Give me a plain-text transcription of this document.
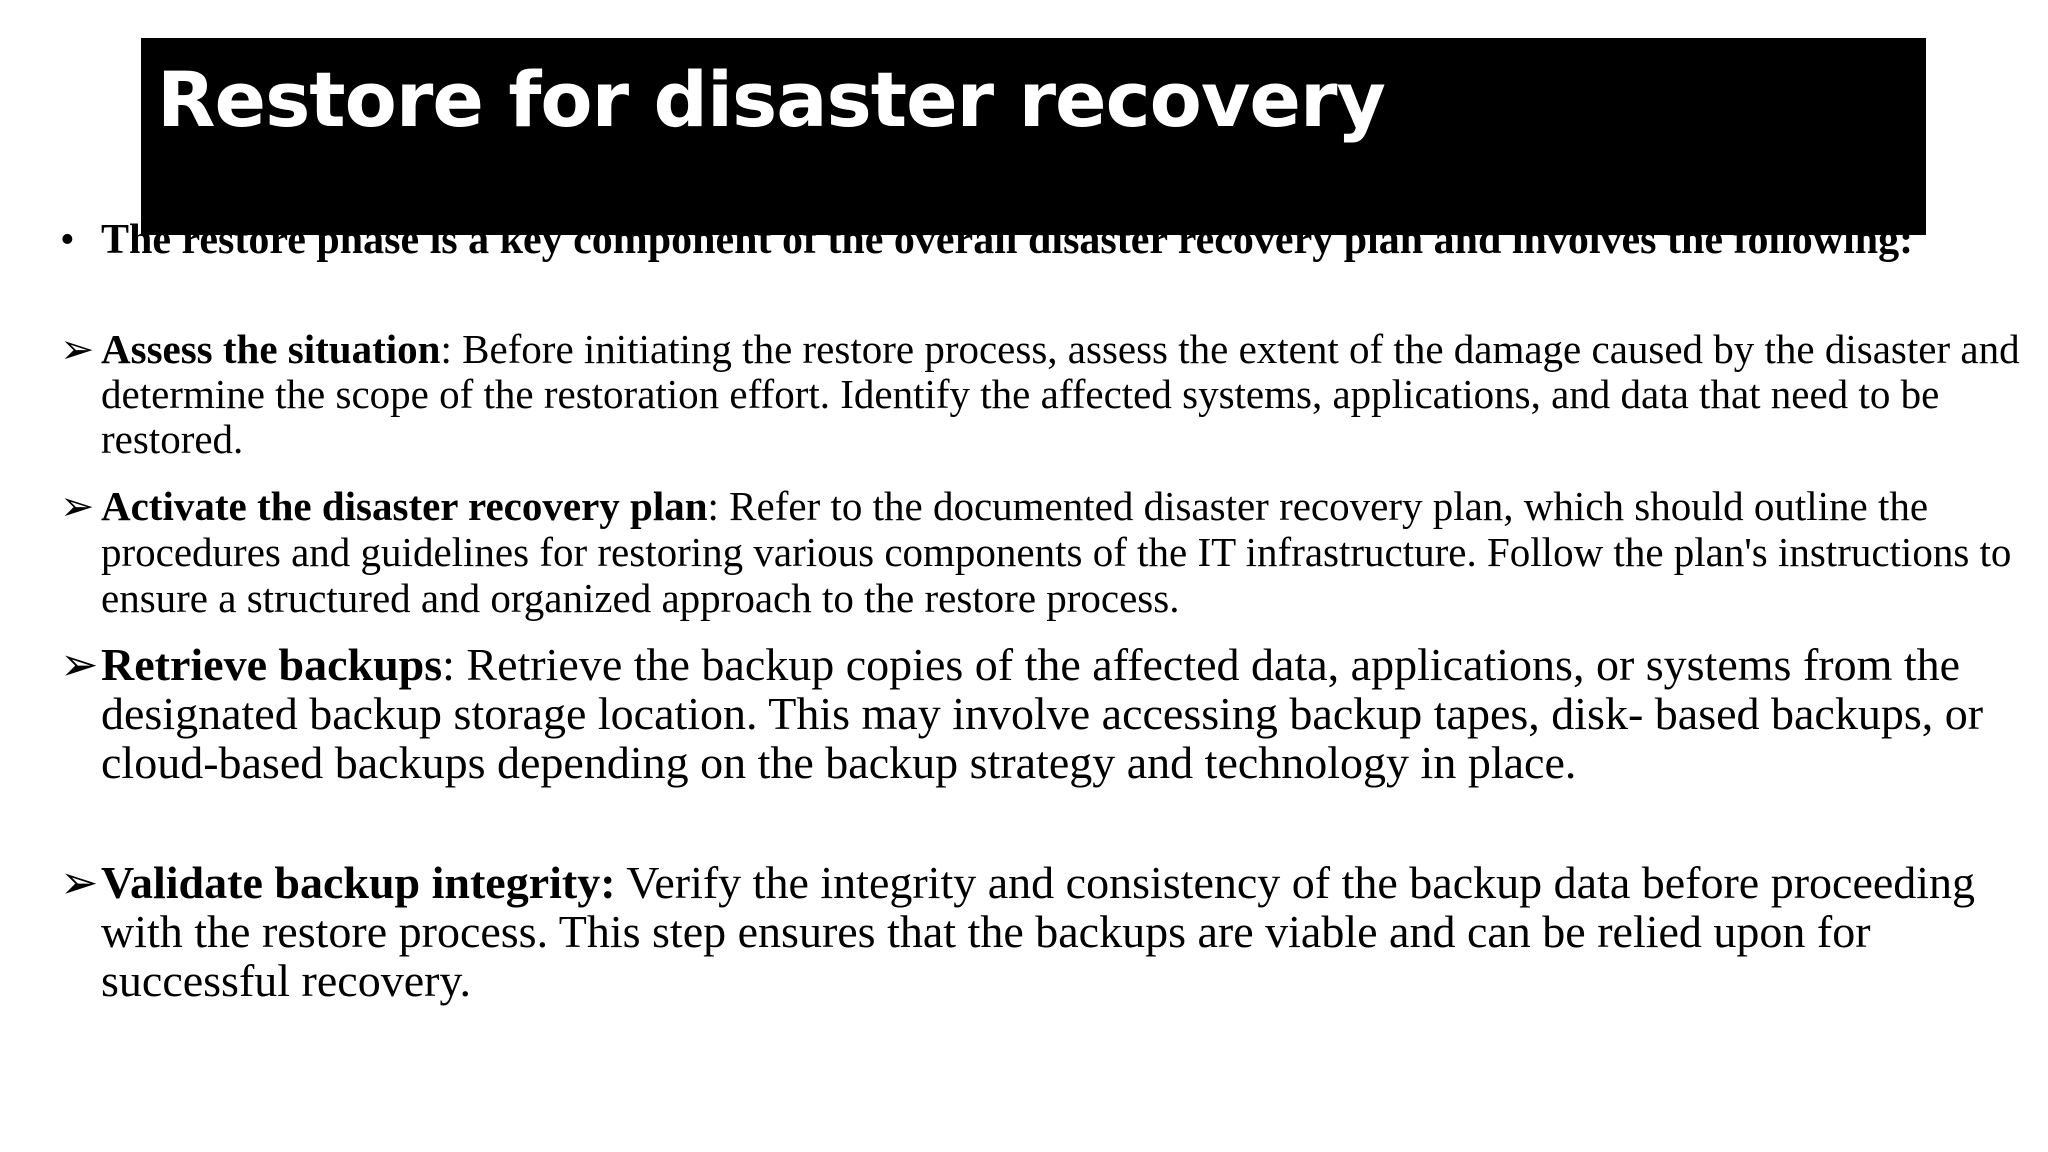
• The restore phase is a key component of the overall disaster recovery plan and involves the following:
Restore for disaster recovery
➢ Assess the situation: Before initiating the restore process, assess the extent of the damage caused by the disaster and determine the scope of the restoration effort. Identify the affected systems, applications, and data that need to be restored.
➢ Activate the disaster recovery plan: Refer to the documented disaster recovery plan, which should outline the procedures and guidelines for restoring various components of the IT infrastructure. Follow the plan's instructions to ensure a structured and organized approach to the restore process.
➢ Retrieve backups: Retrieve the backup copies of the affected data, applications, or systems from the designated backup storage location. This may involve accessing backup tapes, disk- based backups, or cloud-based backups depending on the backup strategy and technology in place.
➢ Validate backup integrity: Verify the integrity and consistency of the backup data before proceeding with the restore process. This step ensures that the backups are viable and can be relied upon for successful recovery.
